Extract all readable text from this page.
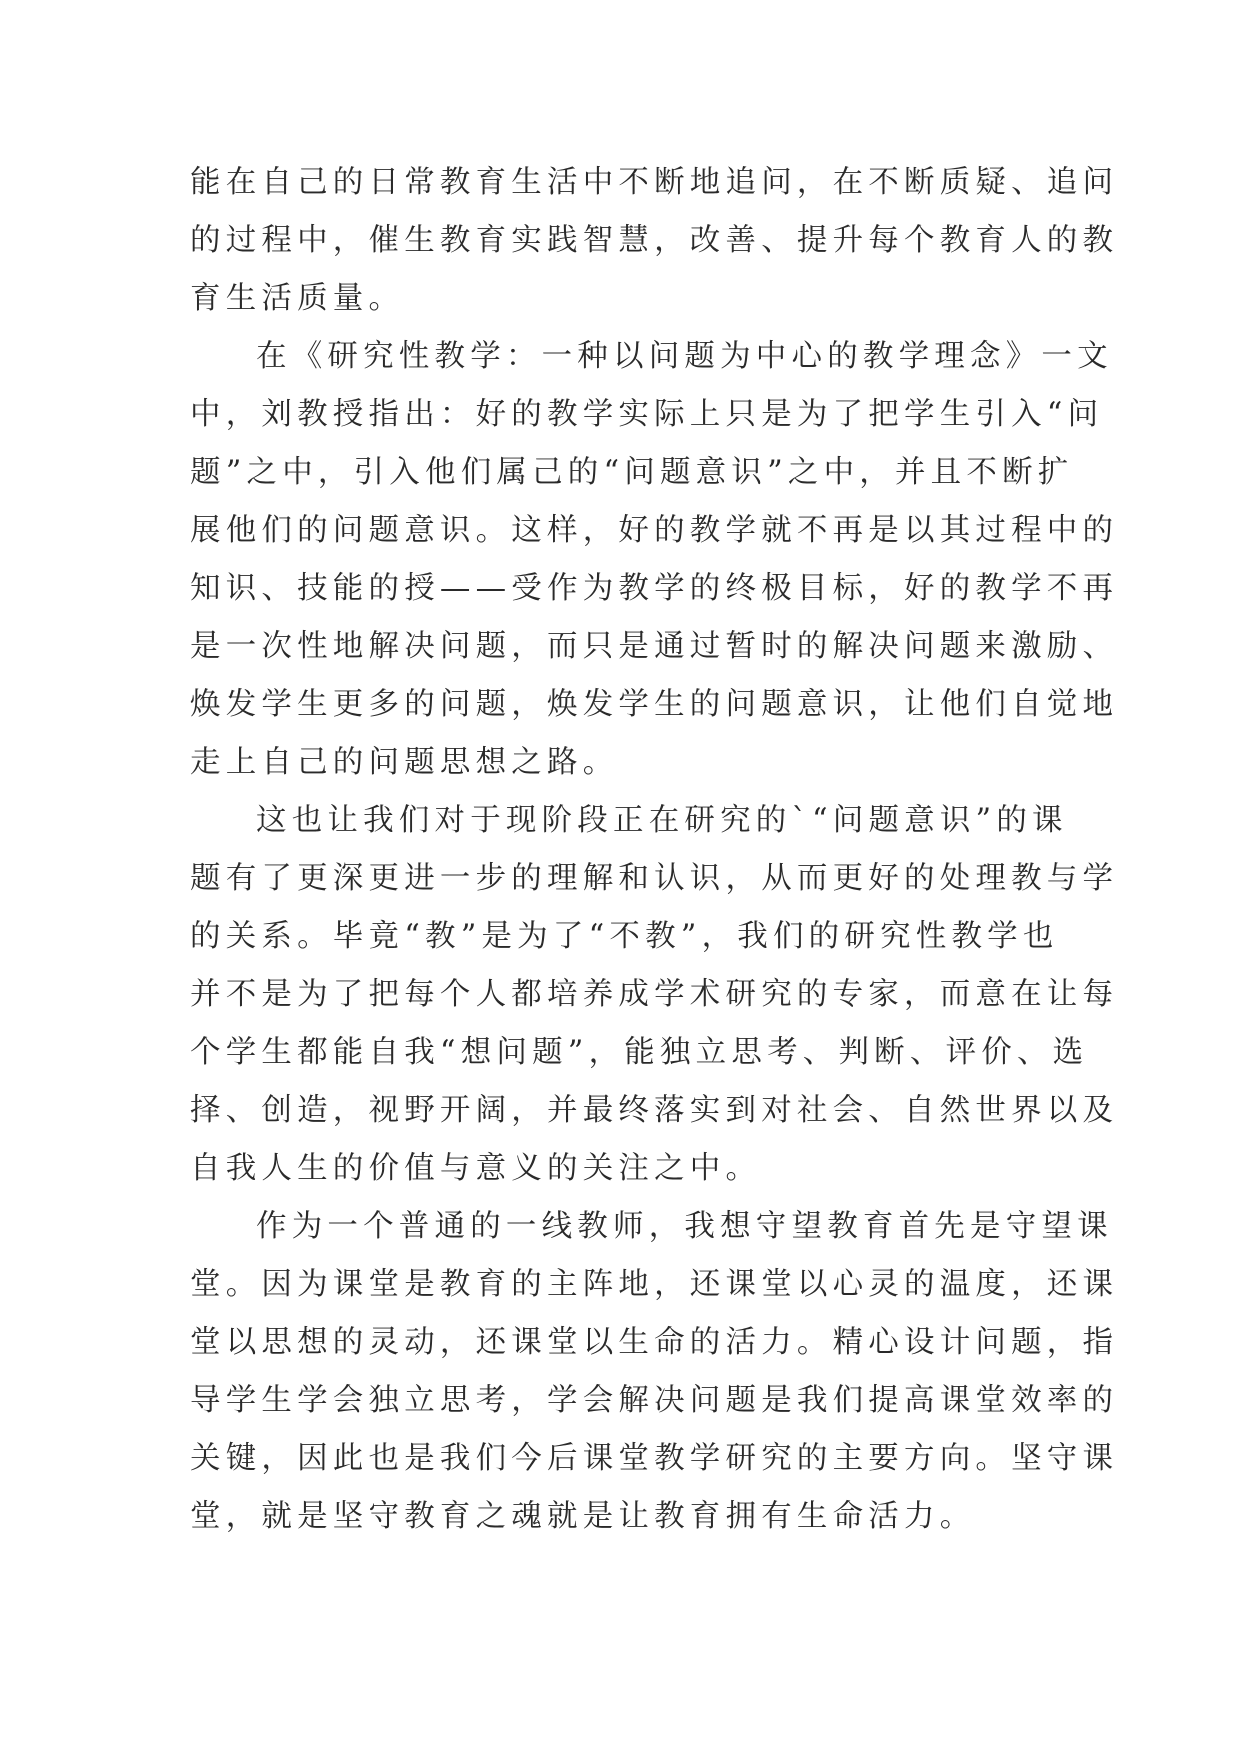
能在自己的日常教育生活中不断地追问，在不断质疑、追问
的过程中，催生教育实践智慧，改善、提升每个教育人的教
育生活质量。
在《研究性教学：一种以问题为中心的教学理念》一文
中，刘教授指出：好的教学实际上只是为了把学生引入“问
题”之中，引入他们属己的“问题意识”之中，并且不断扩
展他们的问题意识。这样，好的教学就不再是以其过程中的
知识、技能的授——受作为教学的终极目标，好的教学不再
是一次性地解决问题，而只是通过暂时的解决问题来激励、
焕发学生更多的问题，焕发学生的问题意识，让他们自觉地
走上自己的问题思想之路。
这也让我们对于现阶段正在研究的`“问题意识”的课
题有了更深更进一步的理解和认识，从而更好的处理教与学
的关系。毕竟“教”是为了“不教”，我们的研究性教学也
并不是为了把每个人都培养成学术研究的专家，而意在让每
个学生都能自我“想问题”，能独立思考、判断、评价、选
择、创造，视野开阔，并最终落实到对社会、自然世界以及
自我人生的价值与意义的关注之中。
作为一个普通的一线教师，我想守望教育首先是守望课
堂。因为课堂是教育的主阵地，还课堂以心灵的温度，还课
堂以思想的灵动，还课堂以生命的活力。精心设计问题，指
导学生学会独立思考，学会解决问题是我们提高课堂效率的
关键，因此也是我们今后课堂教学研究的主要方向。坚守课
堂，就是坚守教育之魂就是让教育拥有生命活力。
